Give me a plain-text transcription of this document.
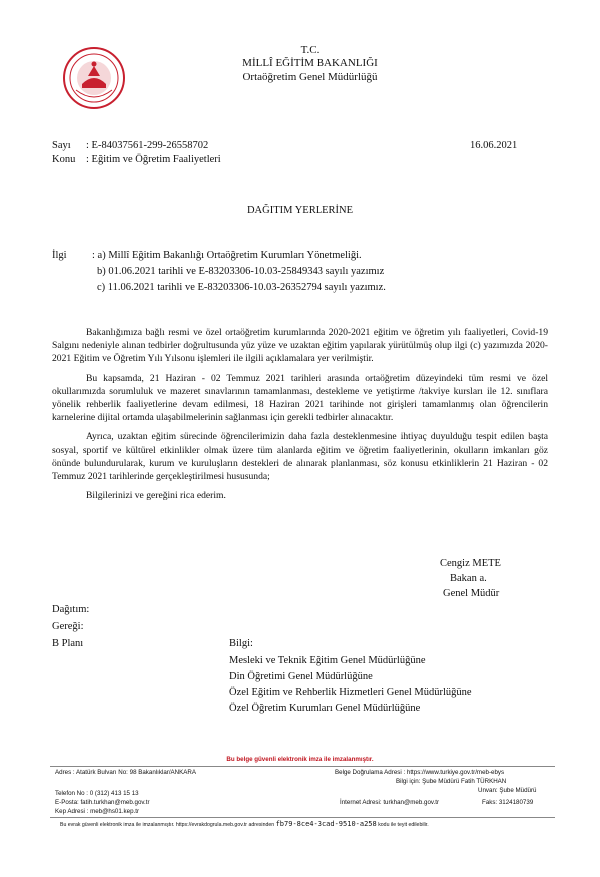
T.C.
MİLLÎ EĞİTİM BAKANLIĞI
Ortaöğretim Genel Müdürlüğü
Sayı : E-84037561-299-26558702	16.06.2021
Konu : Eğitim ve Öğretim Faaliyetleri
DAĞITIM YERLERİNE
İlgi : a) Millî Eğitim Bakanlığı Ortaöğretim Kurumları Yönetmeliği.
b) 01.06.2021 tarihli ve E-83203306-10.03-25849343 sayılı yazımız
c) 11.06.2021 tarihli ve E-83203306-10.03-26352794 sayılı yazımız.

Bakanlığımıza bağlı resmi ve özel ortaöğretim kurumlarında 2020-2021 eğitim ve öğretim yılı faaliyetleri, Covid-19 Salgını nedeniyle alınan tedbirler doğrultusunda yüz yüze ve uzaktan eğitim yapılarak yürütülmüş olup ilgi (c) yazımızda 2020-2021 Eğitim ve Öğretim Yılı Yılsonu işlemleri ile ilgili açıklamalara yer verilmiştir.

Bu kapsamda, 21 Haziran - 02 Temmuz 2021 tarihleri arasında ortaöğretim düzeyindeki tüm resmi ve özel okullarımızda sorumluluk ve mazeret sınavlarının tamamlanması, destekleme ve yetiştirme /takviye kursları ile 12. sınıflara yönelik rehberlik faaliyetlerine devam edilmesi, 18 Haziran 2021 tarihinde not girişleri tamamlanmış olan öğrencilerin karnelerine dijital ortamda ulaşabilmelerinin sağlanması için gerekli tedbirler alınacaktır.

Ayrıca, uzaktan eğitim sürecinde öğrencilerimizin daha fazla desteklenmesine ihtiyaç duyulduğu tespit edilen başta sosyal, sportif ve kültürel etkinlikler olmak üzere tüm alanlarda eğitim ve öğretim faaliyetlerinin, okulların imkanları göz önünde bulundurularak, kurum ve kuruluşların destekleri de alınarak planlanması, söz konusu etkinliklerin 21 Haziran - 02 Temmuz 2021 tarihlerinde gerçekleştirilmesi hususunda;

Bilgilerinizi ve gereğini rica ederim.

Cengiz METE
Bakan a.
Genel Müdür
Dağıtım:
Gereği:
B Planı	Bilgi:
Mesleki ve Teknik Eğitim Genel Müdürlüğüne
Din Öğretimi Genel Müdürlüğüne
Özel Eğitim ve Rehberlik Hizmetleri Genel Müdürlüğüne
Özel Öğretim Kurumları Genel Müdürlüğüne
Bu belge güvenli elektronik imza ile imzalanmıştır.
Adres : Atatürk Bulvarı No: 98 Bakanlıklar/ANKARA	Belge Doğrulama Adresi : https://www.turkiye.gov.tr/meb-ebys
Bilgi için: Şube Müdürü Fatih TÜRKHAN
Unvan: Şube Müdürü
Telefon No : 0 (312) 413 15 13
E-Posta: fatih.turkhan@meb.gov.tr	İnternet Adresi: turkhan@meb.gov.tr	Faks: 3124180739
Kep Adresi : meb@hs01.kep.tr
Bu evrak güvenli elektronik imza ile imzalanmıştır. https://evrakdogrula.meb.gov.tr adresinden fb79-8ce4-3cad-9510-a258 kodu ile teyit edilebilir.
